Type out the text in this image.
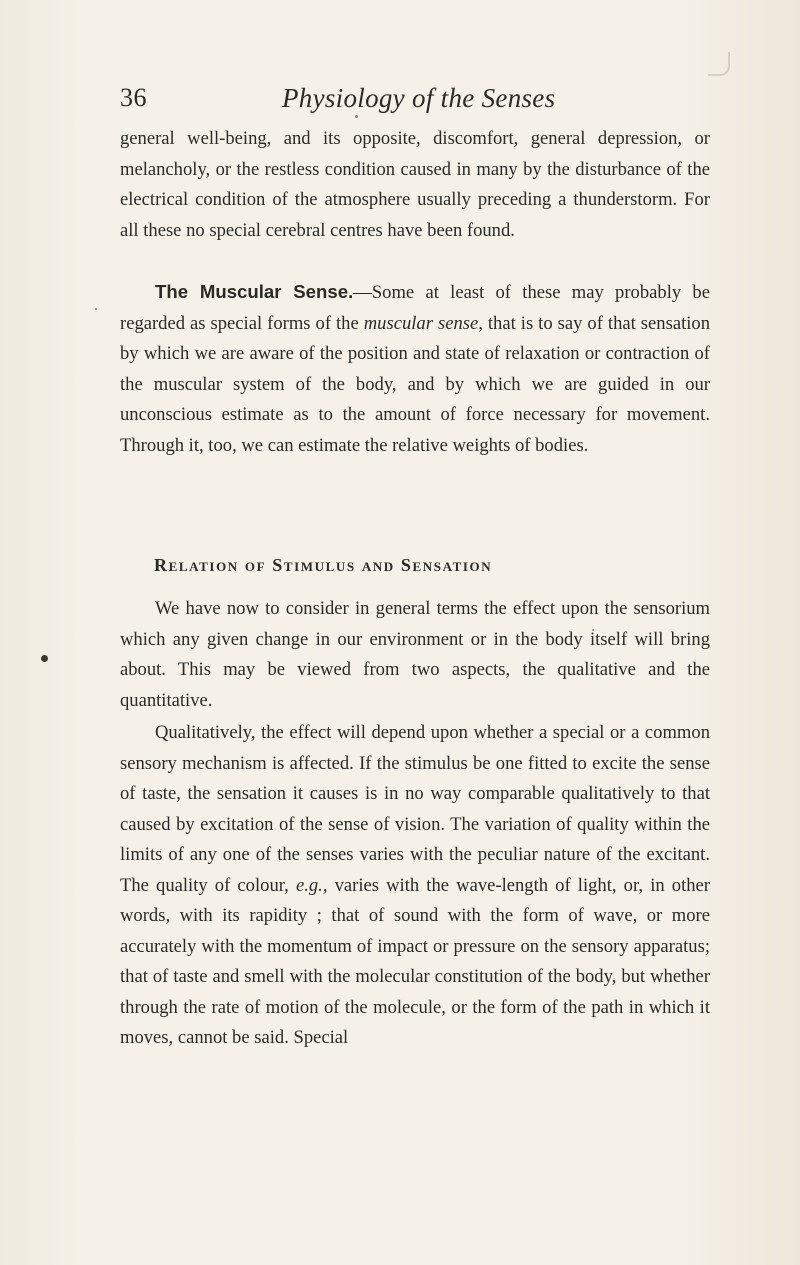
36	Physiology of the Senses

general well-being, and its opposite, discomfort, general depression, or melancholy, or the restless condition caused in many by the disturbance of the electrical condition of the atmosphere usually preceding a thunderstorm. For all these no special cerebral centres have been found.

The Muscular Sense.—Some at least of these may probably be regarded as special forms of the muscular sense, that is to say of that sensation by which we are aware of the position and state of relaxation or contraction of the muscular system of the body, and by which we are guided in our unconscious estimate as to the amount of force necessary for movement. Through it, too, we can estimate the relative weights of bodies.

Relation of Stimulus and Sensation

We have now to consider in general terms the effect upon the sensorium which any given change in our environment or in the body itself will bring about. This may be viewed from two aspects, the qualitative and the quantitative.

Qualitatively, the effect will depend upon whether a special or a common sensory mechanism is affected. If the stimulus be one fitted to excite the sense of taste, the sensation it causes is in no way comparable qualitatively to that caused by excitation of the sense of vision. The variation of quality within the limits of any one of the senses varies with the peculiar nature of the excitant. The quality of colour, e.g., varies with the wave-length of light, or, in other words, with its rapidity ; that of sound with the form of wave, or more accurately with the momentum of impact or pressure on the sensory apparatus; that of taste and smell with the molecular constitution of the body, but whether through the rate of motion of the molecule, or the form of the path in which it moves, cannot be said. Special
